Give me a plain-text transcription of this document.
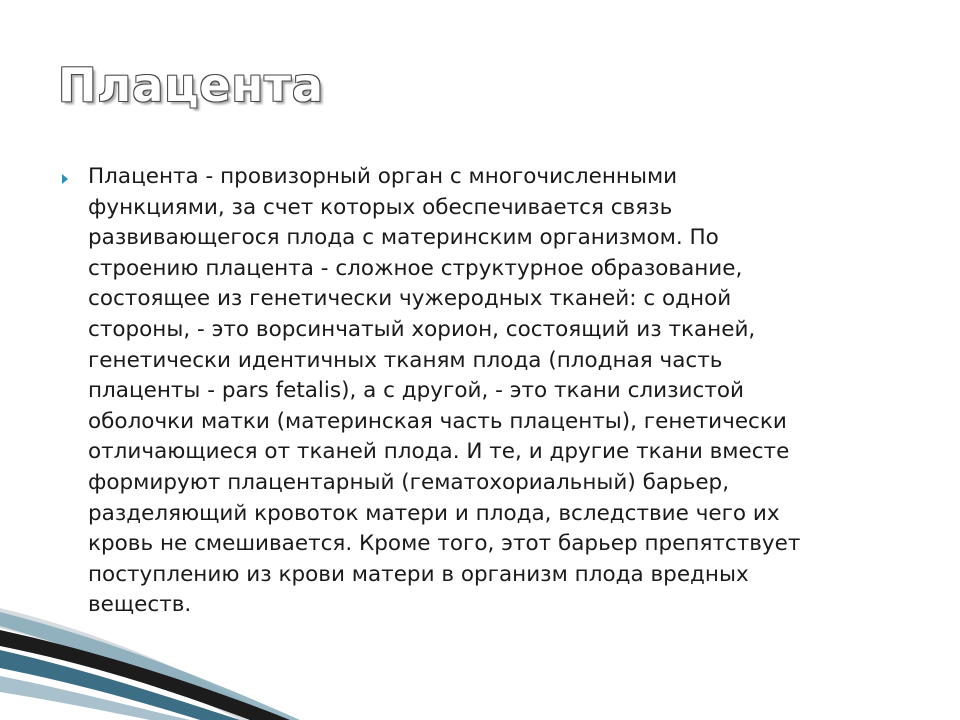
Плацента

Плацента - провизорный орган с многочисленными
функциями, за счет которых обеспечивается связь
развивающегося плода с материнским организмом. По
строению плацента - сложное структурное образование,
состоящее из генетически чужеродных тканей: с одной
стороны, - это ворсинчатый хорион, состоящий из тканей,
генетически идентичных тканям плода (плодная часть
плаценты - pars fetalis), а с другой, - это ткани слизистой
оболочки матки (материнская часть плаценты), генетически
отличающиеся от тканей плода. И те, и другие ткани вместе
формируют плацентарный (гематохориальный) барьер,
разделяющий кровоток матери и плода, вследствие чего их
кровь не смешивается. Кроме того, этот барьер препятствует
поступлению из крови матери в организм плода вредных
веществ.
